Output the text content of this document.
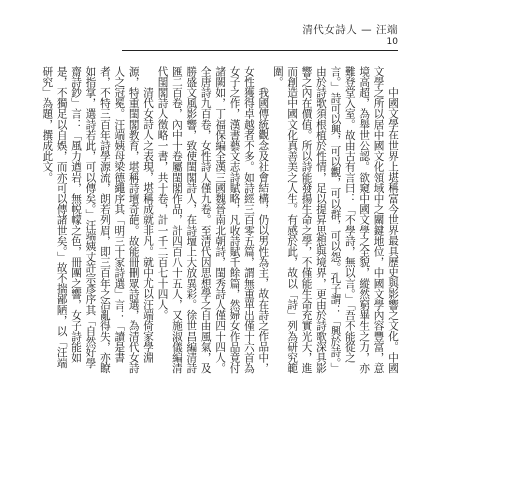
清代女詩人 — 汪端
10

中國文學在世界上堪稱富今世界最具歷史與影響之文化。中國文學之所以居中國文化領域中之關鍵地位，中國文學內容豐富，意境高超，為舉世公認。欲窺中國文學之全貌，縱然窮畢生之力，亦難登堂入室。故由古有言曰：「不學詩，無以言。」「吾不能從之言。」詩可以興，可以觀，可以群，可以怨。孔子謂：「興於詩。」由於詩歌須根植於性情，足以提昇思想與境界，更由於詩歌深具影響之內在價值。所以詩能發揚生命之學，不僅能生命充實光大，進而創造中國文化真善美之人生。有感於此，故以「詩」列為研究範圍。

我國傳統觀念及社會結構，仍以男性為主，故在詩之作品中，女性獲得卓越者不多。如詩經三百零五篇，謂無重單出僅十六首為女子之作，漢書藝文志詩賦略，凡收詩賦千餘篇，然婦女作品竟付諸闕如，丁福保編全漢三國魏晉南北朝詩，閨秀詩人僅四十四人。全唐詩九百卷，女性詩人僅九卷。至清代因思想學之自由風氣，及勝盛文風影響，致使閨閣詩人，在詩壇上大放異彩。徐世昌編清詩匯二百卷，內中十卷屬閨閣作品，計四百八十五人，又施淑儀編清代閨閣詩人徵略一書，共十卷，計一千二百七十四人。

清代女詩人之表現，堪稱成就非凡。就中尤以汪端倚家學淵源，特重閨閣教育，堪稱詩壇奇葩。故能冊刪眾詩選，為清代女詩人之冠冕。汪端姨母梁德繩序其「明三十家詩選」言：「讀是書者，不特三百年詩學源流，朗若列眉，即三百年之治亂得失，亦瞭如指掌，選詩若此，可以傳矣。」汪端姨丈許宗彥序其「自然好學齋詩鈔」言：「風力遒岩，無帨幪之色，冊團之響，女子詩能如是，不獨足以自娛，而亦可以傳諸世矣。」故不揣鄙陋，以「汪端研究」為題，撰成此文。
